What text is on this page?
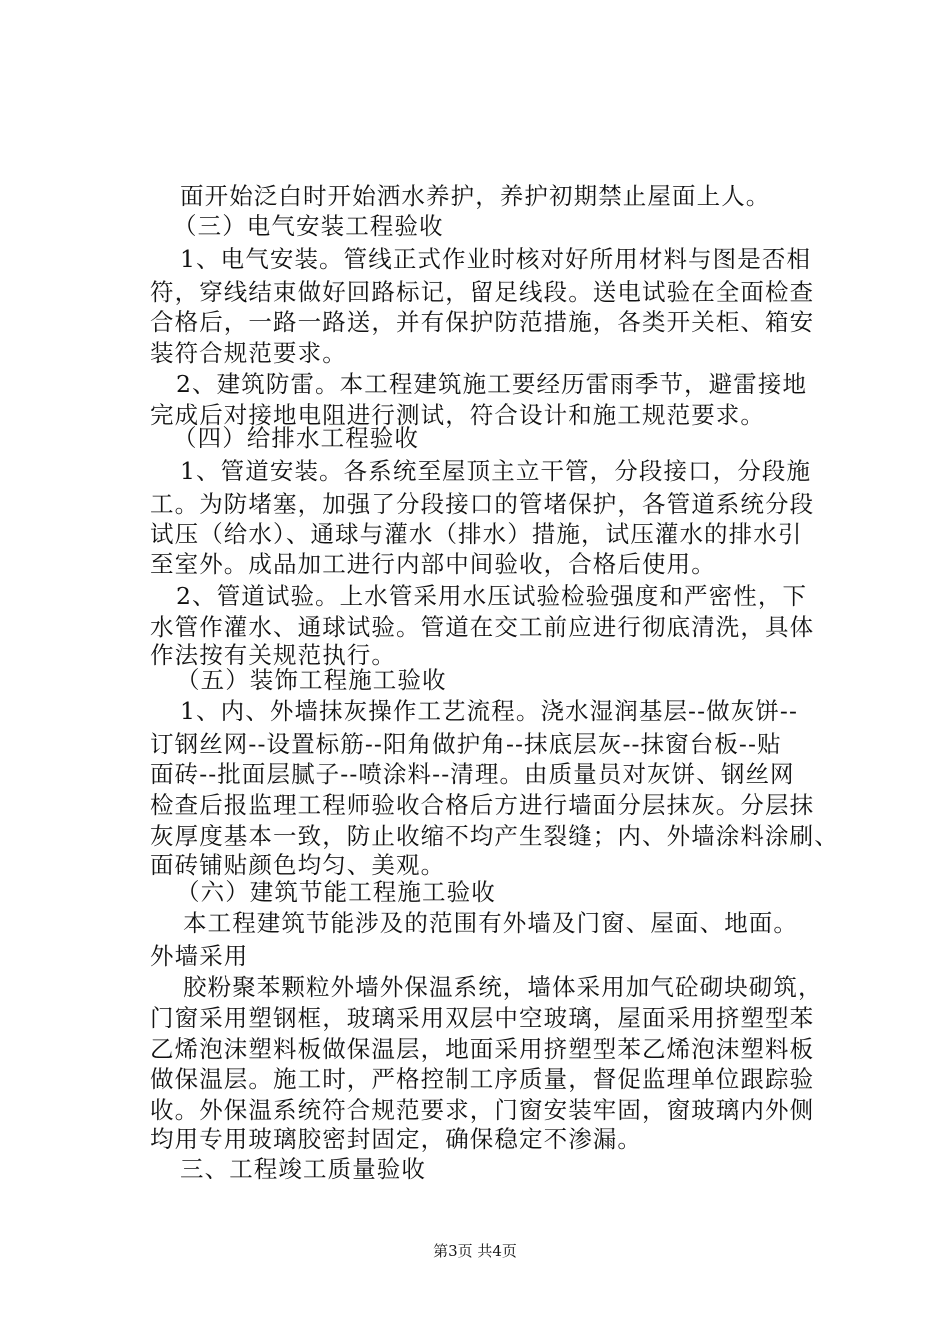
面开始泛白时开始洒水养护，养护初期禁止屋面上人。
（三）电气安装工程验收
1、电气安装。管线正式作业时核对好所用材料与图是否相
符，穿线结束做好回路标记，留足线段。送电试验在全面检查
合格后，一路一路送，并有保护防范措施，各类开关柜、箱安
装符合规范要求。
2、建筑防雷。本工程建筑施工要经历雷雨季节，避雷接地
完成后对接地电阻进行测试，符合设计和施工规范要求。
（四）给排水工程验收
1、管道安装。各系统至屋顶主立干管，分段接口，分段施
工。为防堵塞，加强了分段接口的管堵保护，各管道系统分段
试压（给水）、通球与灌水（排水）措施，试压灌水的排水引
至室外。成品加工进行内部中间验收，合格后使用。
2、管道试验。上水管采用水压试验检验强度和严密性，下
水管作灌水、通球试验。管道在交工前应进行彻底清洗，具体
作法按有关规范执行。
（五）装饰工程施工验收
1、内、外墙抹灰操作工艺流程。浇水湿润基层--做灰饼--
订钢丝网--设置标筋--阳角做护角--抹底层灰--抹窗台板--贴
面砖--批面层腻子--喷涂料--清理。由质量员对灰饼、钢丝网
检查后报监理工程师验收合格后方进行墙面分层抹灰。分层抹
灰厚度基本一致，防止收缩不均产生裂缝；内、外墙涂料涂刷、
面砖铺贴颜色均匀、美观。
（六）建筑节能工程施工验收
本工程建筑节能涉及的范围有外墙及门窗、屋面、地面。
外墙采用
胶粉聚苯颗粒外墙外保温系统，墙体采用加气砼砌块砌筑，
门窗采用塑钢框，玻璃采用双层中空玻璃，屋面采用挤塑型苯
乙烯泡沫塑料板做保温层，地面采用挤塑型苯乙烯泡沫塑料板
做保温层。施工时，严格控制工序质量，督促监理单位跟踪验
收。外保温系统符合规范要求，门窗安装牢固，窗玻璃内外侧
均用专用玻璃胶密封固定，确保稳定不渗漏。
三、工程竣工质量验收
第3页 共4页
